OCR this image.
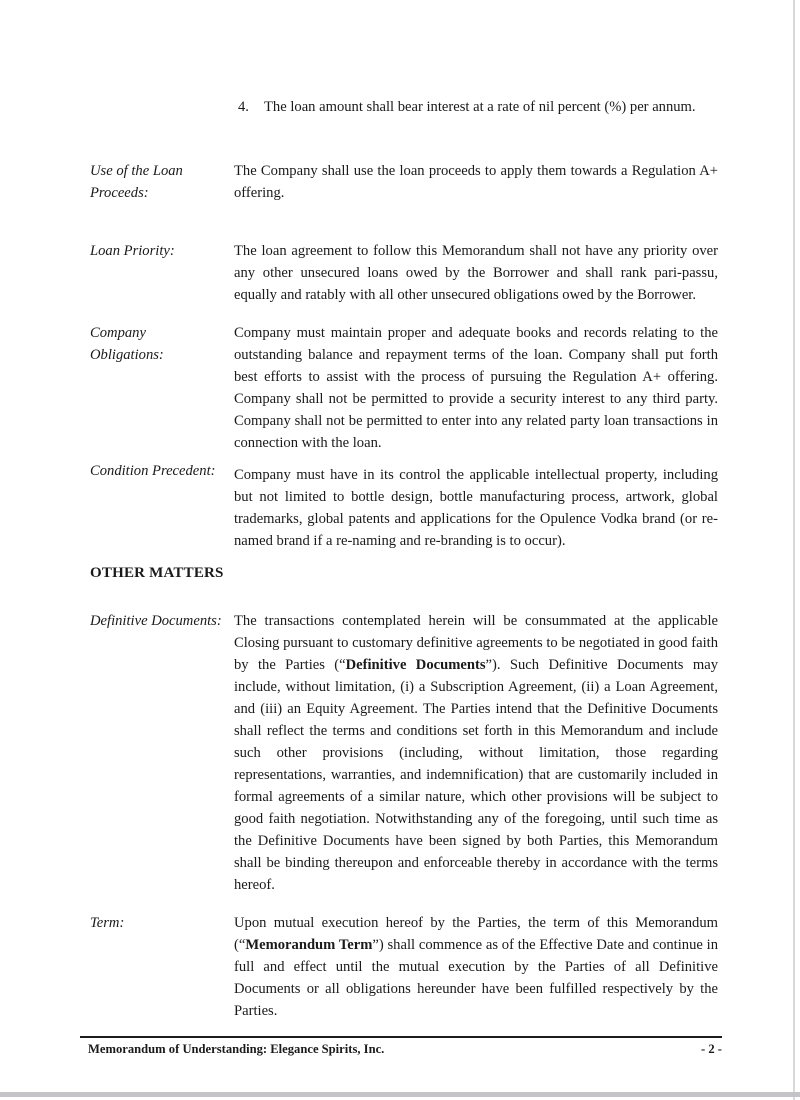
4.	The loan amount shall bear interest at a rate of nil percent (%) per annum.
Use of the Loan Proceeds:
The Company shall use the loan proceeds to apply them towards a Regulation A+ offering.
Loan Priority:	The loan agreement to follow this Memorandum shall not have any priority over any other unsecured loans owed by the Borrower and shall rank pari-passu, equally and ratably with all other unsecured obligations owed by the Borrower.
Company Obligations:
Company must maintain proper and adequate books and records relating to the outstanding balance and repayment terms of the loan. Company shall put forth best efforts to assist with the process of pursuing the Regulation A+ offering. Company shall not be permitted to provide a security interest to any third party. Company shall not be permitted to enter into any related party loan transactions in connection with the loan.
Condition Precedent:	Company must have in its control the applicable intellectual property, including but not limited to bottle design, bottle manufacturing process, artwork, global trademarks, global patents and applications for the Opulence Vodka brand (or re-named brand if a re-naming and re-branding is to occur).
OTHER MATTERS
Definitive Documents: The transactions contemplated herein will be consummated at the applicable Closing pursuant to customary definitive agreements to be negotiated in good faith by the Parties (“Definitive Documents”). Such Definitive Documents may include, without limitation, (i) a Subscription Agreement, (ii) a Loan Agreement, and (iii) an Equity Agreement. The Parties intend that the Definitive Documents shall reflect the terms and conditions set forth in this Memorandum and include such other provisions (including, without limitation, those regarding representations, warranties, and indemnification) that are customarily included in formal agreements of a similar nature, which other provisions will be subject to good faith negotiation. Notwithstanding any of the foregoing, until such time as the Definitive Documents have been signed by both Parties, this Memorandum shall be binding thereupon and enforceable thereby in accordance with the terms hereof.
Term:	Upon mutual execution hereof by the Parties, the term of this Memorandum (“Memorandum Term”) shall commence as of the Effective Date and continue in full and effect until the mutual execution by the Parties of all Definitive Documents or all obligations hereunder have been fulfilled respectively by the Parties.
Memorandum of Understanding: Elegance Spirits, Inc.	- 2 -
